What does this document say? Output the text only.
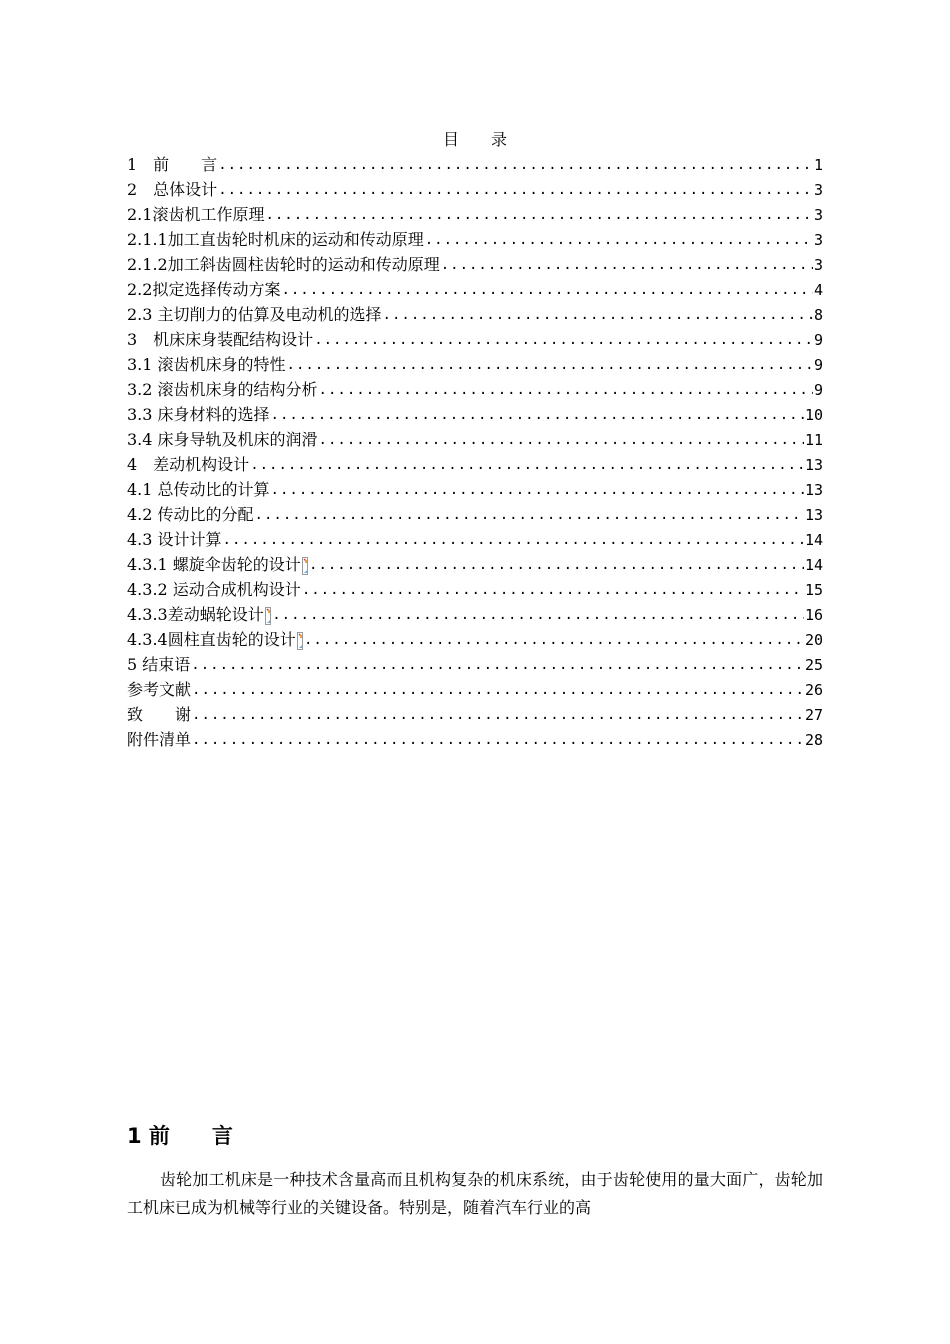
目　　录
1　前　　言 .....	1
2　总体设计 .....	3
2.1滚齿机工作原理 .....	3
2.1.1加工直齿轮时机床的运动和传动原理 .....	3
2.1.2加工斜齿圆柱齿轮时的运动和传动原理 .....	3
2.2拟定选择传动方案 .....	4
2.3 主切削力的估算及电动机的选择 .....	8
3　机床床身装配结构设计 .....	9
3.1 滚齿机床身的特性 .....	9
3.2 滚齿机床身的结构分析 .....	9
3.3 床身材料的选择 .....	10
3.4 床身导轨及机床的润滑 .....	11
4　差动机构设计 .....	13
4.1 总传动比的计算 .....	13
4.2 传动比的分配 .....	13
4.3 设计计算 .....	14
4.3.1 螺旋伞齿轮的设计 .....	14
4.3.2 运动合成机构设计 .....	15
4.3.3差动蜗轮设计 .....	16
4.3.4圆柱直齿轮的设计 .....	20
5 结束语 .....	25
参考文献 .....	26
致　　谢 .....	27
附件清单 .....	28
1 前　　言
齿轮加工机床是一种技术含量高而且机构复杂的机床系统，由于齿轮使用的量大面广，齿轮加工机床已成为机械等行业的关键设备。特别是，随着汽车行业的高
